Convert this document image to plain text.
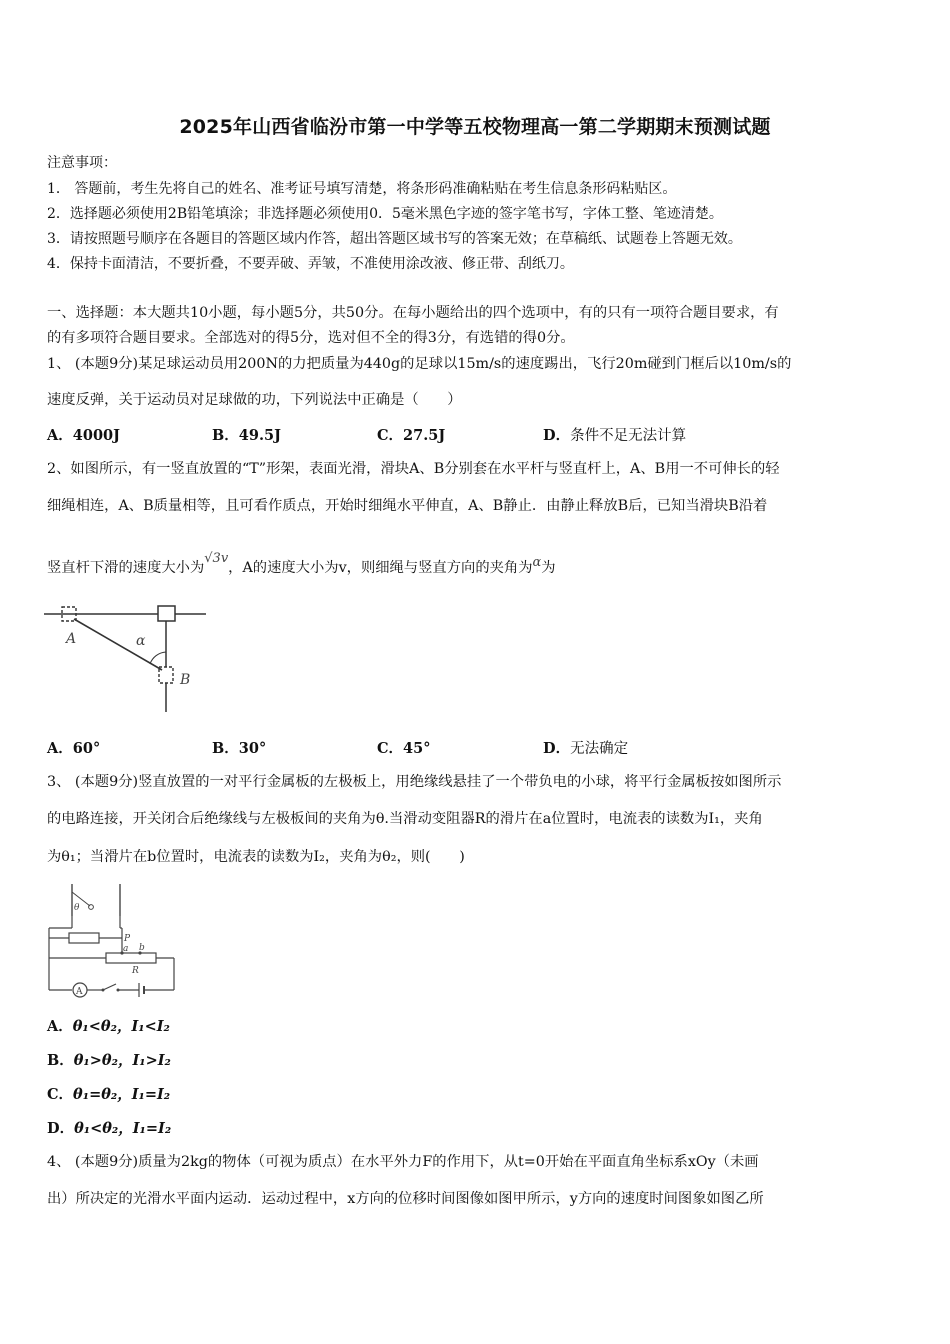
2025年山西省临汾市第一中学等五校物理高一第二学期期末预测试题
注意事项：
1． 答题前，考生先将自己的姓名、准考证号填写清楚，将条形码准确粘贴在考生信息条形码粘贴区。
2．选择题必须使用2B铅笔填涂；非选择题必须使用0．5毫米黑色字迹的签字笔书写，字体工整、笔迹清楚。
3．请按照题号顺序在各题目的答题区域内作答，超出答题区域书写的答案无效；在草稿纸、试题卷上答题无效。
4．保持卡面清洁，不要折叠，不要弄破、弄皱，不准使用涂改液、修正带、刮纸刀。
一、选择题：本大题共10小题，每小题5分，共50分。在每小题给出的四个选项中，有的只有一项符合题目要求，有
的有多项符合题目要求。全部选对的得5分，选对但不全的得3分，有选错的得0分。
1、 (本题9分)某足球运动员用200N的力把质量为440g的足球以15m/s的速度踢出，飞行20m碰到门框后以10m/s的
速度反弹，关于运动员对足球做的功，下列说法中正确是（　　）
A．4000J	B．49.5J	C．27.5J	D．条件不足无法计算
2、如图所示，有一竖直放置的“T”形架，表面光滑，滑块A、B分别套在水平杆与竖直杆上，A、B用一不可伸长的轻
细绳相连，A、B质量相等，且可看作质点，开始时细绳水平伸直，A、B静止．由静止释放B后，已知当滑块B沿着
竖直杆下滑的速度大小为√3v，A的速度大小为v，则细绳与竖直方向的夹角为α为
A	α
B
A．60°	B．30°	C．45°	D．无法确定
3、 (本题9分)竖直放置的一对平行金属板的左极板上，用绝缘线悬挂了一个带负电的小球，将平行金属板按如图所示
的电路连接，开关闭合后绝缘线与左极板间的夹角为θ.当滑动变阻器R的滑片在a位置时，电流表的读数为I₁，夹角
为θ₁；当滑片在b位置时，电流表的读数为I₂，夹角为θ₂，则(　　)
θ
P
a b
R
A
A．θ₁<θ₂，I₁<I₂
B．θ₁>θ₂，I₁>I₂
C．θ₁=θ₂，I₁=I₂
D．θ₁<θ₂，I₁=I₂
4、 (本题9分)质量为2kg的物体（可视为质点）在水平外力F的作用下，从t=0开始在平面直角坐标系xOy（未画
出）所决定的光滑水平面内运动．运动过程中，x方向的位移时间图像如图甲所示，y方向的速度时间图象如图乙所
